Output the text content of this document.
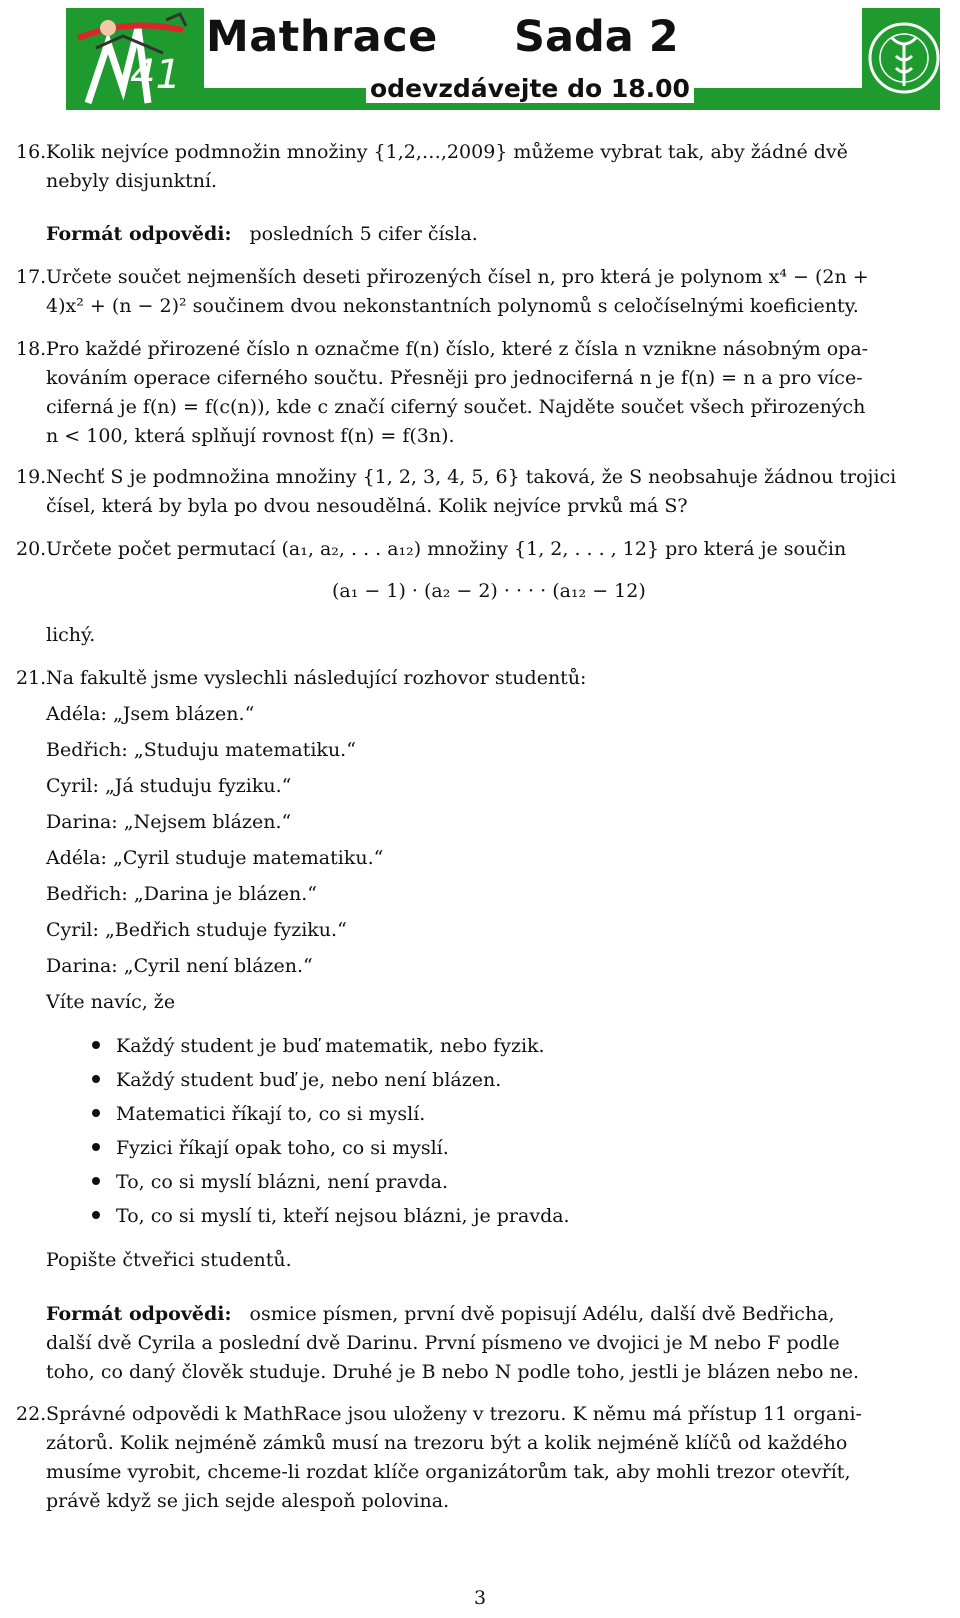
41
Mathrace Sada 2
odevzdávejte do 18.00
16. Kolik nejvíce podmnožin množiny {1,2,…,2009} můžeme vybrat tak, aby žádné dvě
nebyly disjunktní.
Formát odpovědi: posledních 5 cifer čísla.
17. Určete součet nejmenších deseti přirozených čísel n, pro která je polynom x⁴ − (2n +
4)x² + (n − 2)² součinem dvou nekonstantních polynomů s celočíselnými koeficienty.
18. Pro každé přirozené číslo n označme f(n) číslo, které z čísla n vznikne násobným opa-
kováním operace ciferného součtu. Přesněji pro jednociferná n je f(n) = n a pro více-
ciferná je f(n) = f(c(n)), kde c značí ciferný součet. Najděte součet všech přirozených
n < 100, která splňují rovnost f(n) = f(3n).
19. Nechť S je podmnožina množiny {1, 2, 3, 4, 5, 6} taková, že S neobsahuje žádnou trojici
čísel, která by byla po dvou nesoudělná. Kolik nejvíce prvků má S?
20. Určete počet permutací (a₁, a₂, . . . a₁₂) množiny {1, 2, . . . , 12} pro která je součin
lichý.
(a₁ − 1) · (a₂ − 2) · · · · (a₁₂ − 12)
21. Na fakultě jsme vyslechli následující rozhovor studentů:
Adéla: „Jsem blázen.“
Bedřich: „Studuju matematiku.“
Cyril: „Já studuju fyziku.“
Darina: „Nejsem blázen.“
Adéla: „Cyril studuje matematiku.“
Bedřich: „Darina je blázen.“
Cyril: „Bedřich studuje fyziku.“
Darina: „Cyril není blázen.“
Víte navíc, že
Každý student je buď matematik, nebo fyzik.
Každý student buď je, nebo není blázen.
Matematici říkají to, co si myslí.
Fyzici říkají opak toho, co si myslí.
To, co si myslí blázni, není pravda.
To, co si myslí ti, kteří nejsou blázni, je pravda.
Popište čtveřici studentů.
Formát odpovědi: osmice písmen, první dvě popisují Adélu, další dvě Bedřicha,
další dvě Cyrila a poslední dvě Darinu. První písmeno ve dvojici je M nebo F podle
toho, co daný člověk studuje. Druhé je B nebo N podle toho, jestli je blázen nebo ne.
22. Správné odpovědi k MathRace jsou uloženy v trezoru. K němu má přístup 11 organi-
zátorů. Kolik nejméně zámků musí na trezoru být a kolik nejméně klíčů od každého
musíme vyrobit, chceme-li rozdat klíče organizátorům tak, aby mohli trezor otevřít,
právě když se jich sejde alespoň polovina.
3
